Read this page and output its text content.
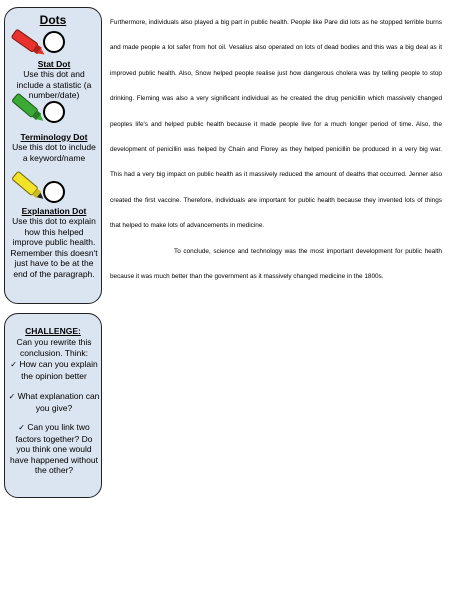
Dots
Stat Dot
Use this dot and include a statistic (a number/date)
Terminology Dot
Use this dot to include a keyword/name
Explanation Dot
Use this dot to explain how this helped improve public health. Remember this doesn't just have to be at the end of the paragraph.
CHALLENGE:
Can you rewrite this conclusion. Think:
✓ How can you explain the opinion better
✓ What explanation can you give?
✓ Can you link two factors together? Do you think one would have happened without the other?

Furthermore, individuals also played a big part in public health. People like Pare did lots as he stopped terrible burns and made people a lot safer from hot oil. Vesalius also operated on lots of dead bodies and this was a big deal as it improved public health. Also, Snow helped people realise just how dangerous cholera was by telling people to stop drinking. Fleming was also a very significant individual as he created the drug penicillin which massively changed peoples life's and helped public health because it made people live for a much longer period of time. Also, the development of penicillin was helped by Chain and Florey as they helped penicillin be produced in a very big war. This had a very big impact on public health as it massively reduced the amount of deaths that occurred. Jenner also created the first vaccine. Therefore, individuals are important for public health because they invented lots of things that helped to make lots of advancements in medicine.

To conclude, science and technology was the most important development for public health because it was much better than the government as it massively changed medicine in the 1800s.
